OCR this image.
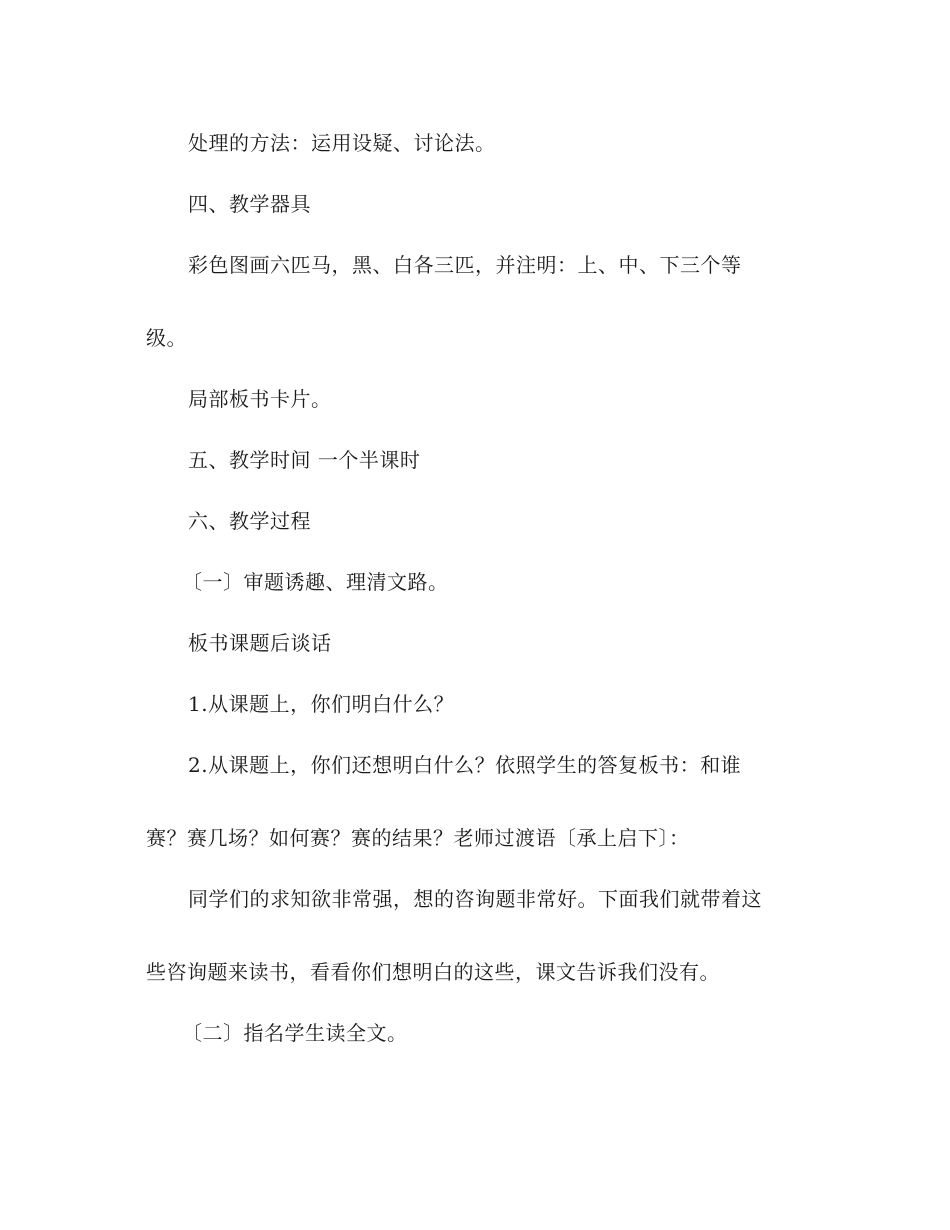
处理的方法：运用设疑、讨论法。
四、教学器具
彩色图画六匹马，黑、白各三匹，并注明：上、中、下三个等
级。
局部板书卡片。
五、教学时间 一个半课时
六、教学过程
〔一〕审题诱趣、理清文路。
板书课题后谈话
1.从课题上，你们明白什么？
2.从课题上，你们还想明白什么？依照学生的答复板书：和谁
赛？赛几场？如何赛？赛的结果？老师过渡语〔承上启下〕：
同学们的求知欲非常强，想的咨询题非常好。下面我们就带着这
些咨询题来读书，看看你们想明白的这些，课文告诉我们没有。
〔二〕指名学生读全文。
